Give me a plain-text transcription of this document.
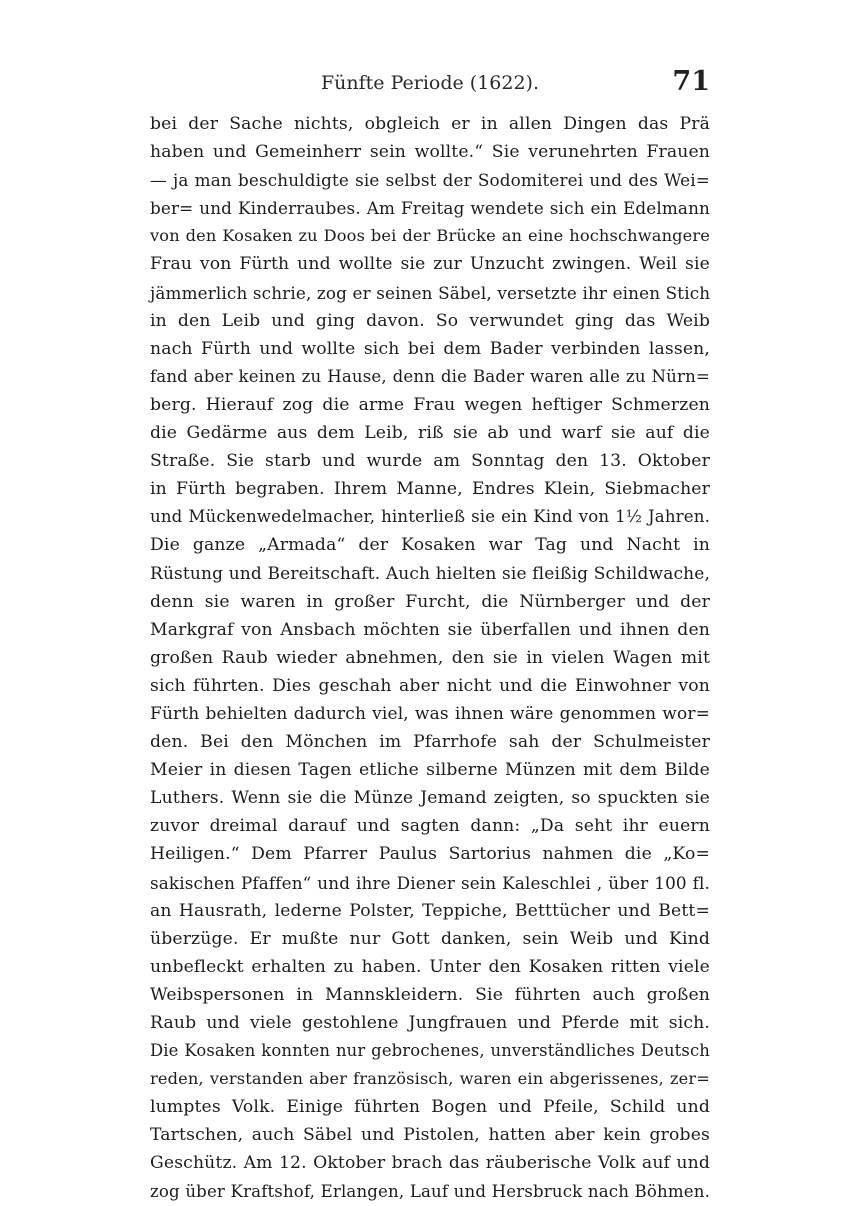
Fünfte Periode (1622).	71
bei der Sache nichts, obgleich er in allen Dingen das Prä
haben und Gemeinherr sein wollte.“ Sie verunehrten Frauen
— ja man beschuldigte sie selbst der Sodomiterei und des Wei=
ber= und Kinderraubes. Am Freitag wendete sich ein Edelmann
von den Kosaken zu Doos bei der Brücke an eine hochschwangere
Frau von Fürth und wollte sie zur Unzucht zwingen. Weil sie
jämmerlich schrie, zog er seinen Säbel, versetzte ihr einen Stich
in den Leib und ging davon. So verwundet ging das Weib
nach Fürth und wollte sich bei dem Bader verbinden lassen,
fand aber keinen zu Hause, denn die Bader waren alle zu Nürn=
berg. Hierauf zog die arme Frau wegen heftiger Schmerzen
die Gedärme aus dem Leib, riß sie ab und warf sie auf die
Straße. Sie starb und wurde am Sonntag den 13. Oktober
in Fürth begraben. Ihrem Manne, Endres Klein, Siebmacher
und Mückenwedelmacher, hinterließ sie ein Kind von 1½ Jahren.
Die ganze „Armada“ der Kosaken war Tag und Nacht in
Rüstung und Bereitschaft. Auch hielten sie fleißig Schildwache,
denn sie waren in großer Furcht, die Nürnberger und der
Markgraf von Ansbach möchten sie überfallen und ihnen den
großen Raub wieder abnehmen, den sie in vielen Wagen mit
sich führten. Dies geschah aber nicht und die Einwohner von
Fürth behielten dadurch viel, was ihnen wäre genommen wor=
den. Bei den Mönchen im Pfarrhofe sah der Schulmeister
Meier in diesen Tagen etliche silberne Münzen mit dem Bilde
Luthers. Wenn sie die Münze Jemand zeigten, so spuckten sie
zuvor dreimal darauf und sagten dann: „Da seht ihr euern
Heiligen.“ Dem Pfarrer Paulus Sartorius nahmen die „Ko=
sakischen Pfaffen“ und ihre Diener sein Kaleschlei , über 100 fl.
an Hausrath, lederne Polster, Teppiche, Betttücher und Bett=
überzüge. Er mußte nur Gott danken, sein Weib und Kind
unbefleckt erhalten zu haben. Unter den Kosaken ritten viele
Weibspersonen in Mannskleidern. Sie führten auch großen
Raub und viele gestohlene Jungfrauen und Pferde mit sich.
Die Kosaken konnten nur gebrochenes, unverständliches Deutsch
reden, verstanden aber französisch, waren ein abgerissenes, zer=
lumptes Volk. Einige führten Bogen und Pfeile, Schild und
Tartschen, auch Säbel und Pistolen, hatten aber kein grobes
Geschütz. Am 12. Oktober brach das räuberische Volk auf und
zog über Kraftshof, Erlangen, Lauf und Hersbruck nach Böhmen.
